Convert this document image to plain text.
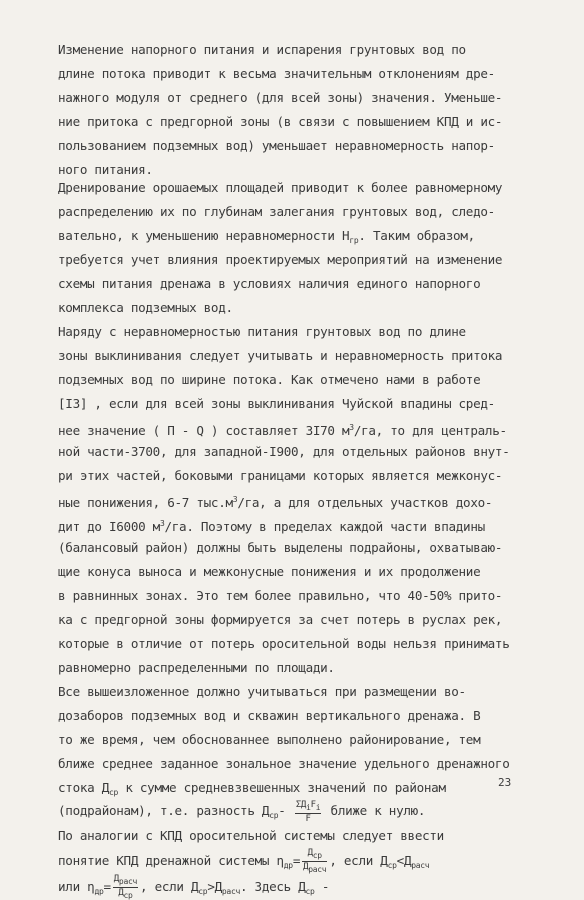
Изменение напорного питания и испарения грунтовых вод по
длине потока приводит к весьма значительным отклонениям дре-
нажного модуля от среднего (для всей зоны) значения. Уменьше-
ние притока с предгорной зоны (в связи с повышением КПД и ис-
пользованием подземных вод) уменьшает неравномерность напор-
ного питания.
Дренирование орошаемых площадей приводит к более равномерному
распределению их по глубинам залегания грунтовых вод, следо-
вательно, к уменьшению неравномерности $H_{гр}$. Таким образом,
требуется учет влияния проектируемых мероприятий на изменение
схемы питания дренажа в условиях наличия единого напорного
комплекса подземных вод.
Наряду с неравномерностью питания грунтовых вод по длине
зоны выклинивания следует учитывать и неравномерность притока
подземных вод по ширине потока. Как отмечено нами в работе
[I3] , если для всей зоны выклинивания Чуйской впадины сред-
нее значение ( П - Q ) составляет 3I70 $м^3/га$, то для централь-
ной части-3700, для западной-I900, для отдельных районов внут-
ри этих частей, боковыми границами которых является межконус-
ные понижения, 6-7 $тыс.м^3/га$, а для отдельных участков дохо-
дит до I6000 $м^3/га$. Поэтому в пределах каждой части впадины
(балансовый район) должны быть выделены подрайоны, охватываю-
щие конуса выноса и межконусные понижения и их продолжение
в равнинных зонах. Это тем более правильно, что 40-50% прито-
ка с предгорной зоны формируется за счет потерь в руслах рек,
которые в отличие от потерь оросительной воды нельзя принимать
равномерно распределенными по площади.
Все вышеизложенное должно учитываться при размещении во-
дозаборов подземных вод и скважин вертикального дренажа. В
то же время, чем обоснованнее выполнено районирование, тем
ближе среднее заданное зональное значение удельного дренажного
стока $Д_{ср}$ к сумме средневзвешенных значений по районам
(подрайонам), т.е. разность $Д_{ср}- \frac{\text{ΣДiFi}}{F}$ ближе к нулю.
По аналогии с КПД оросительной системы следует ввести
понятие КПД дренажной системы $\eta_{др}= \frac{\text{Дср}}{\text{Драсч}}$ , если $Д_{ср}<Д_{расч}$
или $\eta_{др}= \frac{\text{Драсч}}{\text{Дср}}$ , если $Д_{ср}>Д_{расч}$. Здесь $Д_{ср}$ -
23
